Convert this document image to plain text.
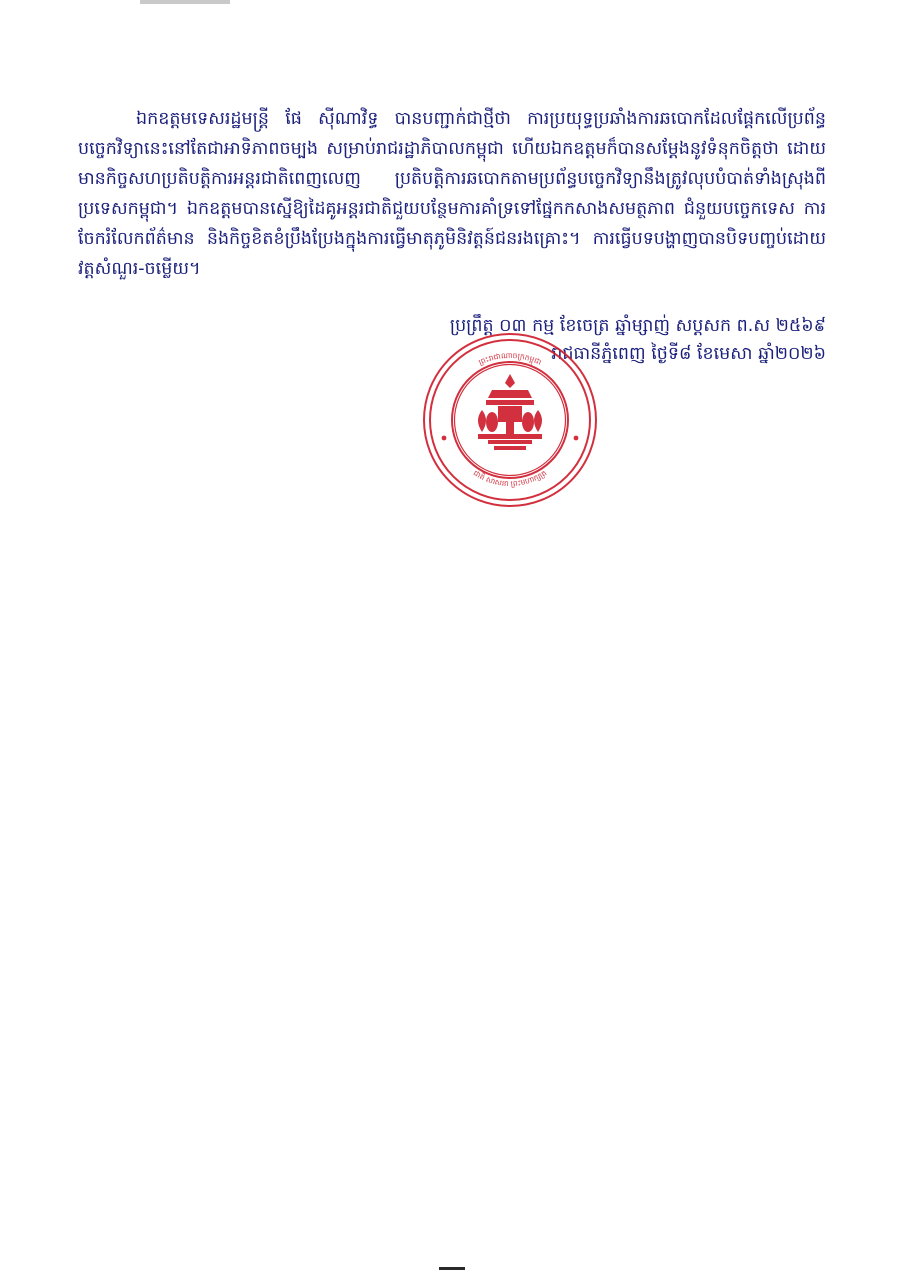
ឯកឧត្តមទេសរដ្ឋមន្ត្រី ផែ ស៊ីណាវិទ្ធ បានបញ្ជាក់ជាថ្មីថា ការប្រយុទ្ធប្រឆាំងការឆបោកដែលផ្តែកលើប្រព័ន្ធបច្ចេកវិទ្យានេះនៅតែជាអាទិភាពចម្បង សម្រាប់រាជរដ្ឋាភិបាលកម្ពុជា ហើយឯកឧត្តមក៏បានសម្តែងនូវទំនុកចិត្តថា ដោយមានកិច្ចសហប្រតិបត្តិការអន្តរជាតិពេញលេញ ប្រតិបត្តិការឆបោកតាមប្រព័ន្ធបច្ចេកវិទ្យានឹងត្រូវលុបបំបាត់ទាំងស្រុងពីប្រទេសកម្ពុជា។ ឯកឧត្តមបានស្នើឱ្យដៃគូអន្តរជាតិជួយបន្ថែមការគាំទ្រទៅផ្នែកកសាងសមត្ថភាព ជំនួយបច្ចេកទេស ការចែករំលែកព័ត៌មាន និងកិច្ចខិតខំប្រឹងប្រែងក្នុងការធ្វើមាតុភូមិនិវត្តន៍ជនរងគ្រោះ។ ការធ្វើបទបង្ហាញបានបិទបញ្ចប់ដោយវត្តសំណួរ-ចម្លើយ។

ប្រព្រឹត្ត ០៣ កម្ម ខែចេត្រ ឆ្នាំម្សាញ់ សប្ដសក ព.ស ២៥៦៩
រាជធានីភ្នំពេញ ថ្ងៃទី៨ ខែមេសា ឆ្នាំ២០២៦
ព្រះរាជាណាចក្រកម្ពុជា
ជាតិ សាសនា ព្រះមហាក្សត្រ
